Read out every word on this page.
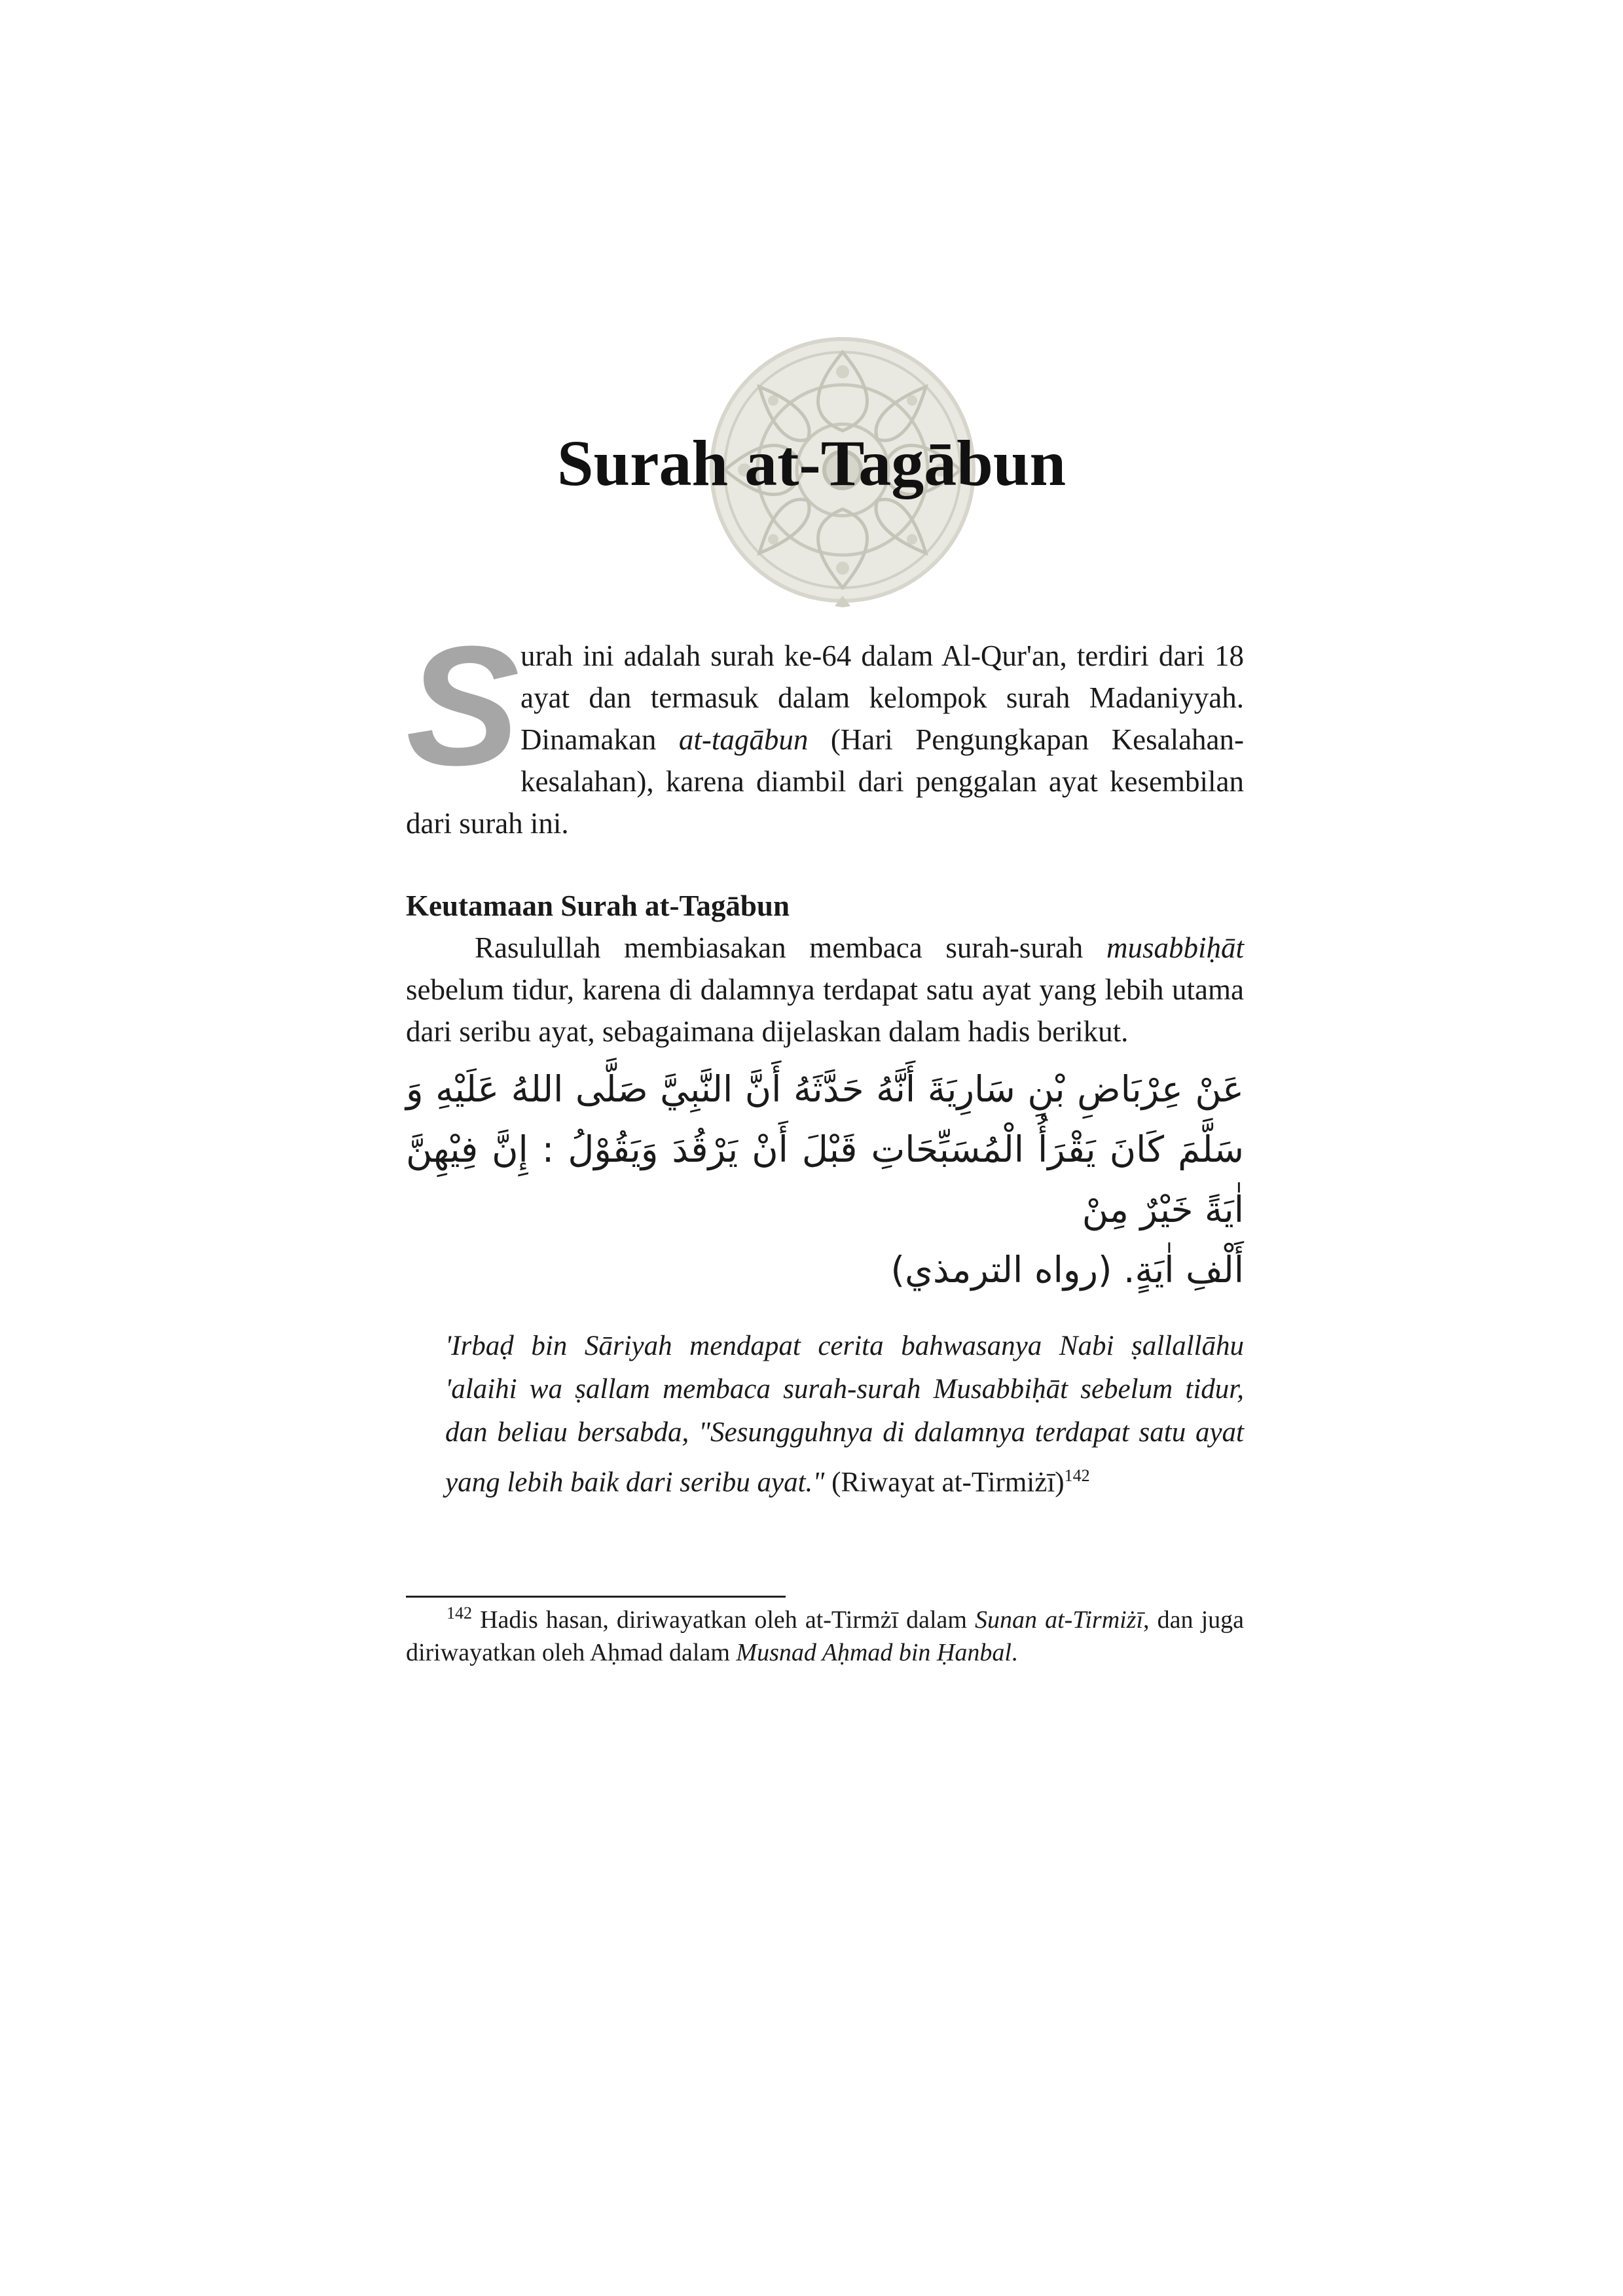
Surah at-Tagābun

S urah ini adalah surah ke-64 dalam Al-Qur'an, terdiri dari 18 ayat dan termasuk dalam kelompok surah Madaniyyah. Dinamakan at-tagābun (Hari Pengungkapan Kesalahan-kesalahan), karena diambil dari penggalan ayat kesembilan dari surah ini.

Keutamaan Surah at-Tagābun

Rasulullah membiasakan membaca surah-surah musabbiḥāt sebelum tidur, karena di dalamnya terdapat satu ayat yang lebih utama dari seribu ayat, sebagaimana dijelaskan dalam hadis berikut.

عَنْ عِرْبَاضِ بْنِ سَارِيَةَ أَنَّهُ حَدَّثَهُ أَنَّ النَّبِيَّ صَلَّى اللهُ عَلَيْهِ وَ سَلَّمَ كَانَ يَقْرَأُ الْمُسَبِّحَاتِ قَبْلَ أَنْ يَرْقُدَ وَيَقُوْلُ : إِنَّ فِيْهِنَّ اٰيَةً خَيْرٌ مِنْ

أَلْفِ اٰيَةٍ. (رواه الترمذي)

'Irbaḍ bin Sāriyah mendapat cerita bahwasanya Nabi ṣallallāhu 'alaihi wa ṣallam membaca surah-surah Musabbiḥāt sebelum tidur, dan beliau bersabda, "Sesungguhnya di dalamnya terdapat satu ayat yang lebih baik dari seribu ayat." (Riwayat at-Tirmiżī)$^{142}$

$^{142}$ Hadis hasan, diriwayatkan oleh at-Tirmżī dalam Sunan at-Tirmiżī, dan juga diriwayatkan oleh Aḥmad dalam Musnad Aḥmad bin Ḥanbal.
